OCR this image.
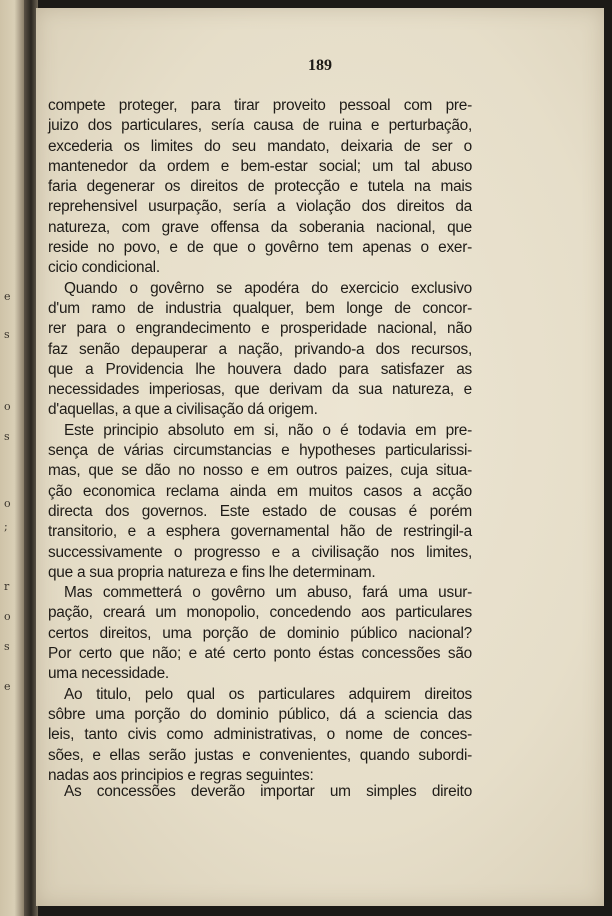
e
s
o
s
o
;
r
o
s
e
189

compete proteger, para tirar proveito pessoal com pre-

juizo dos particulares, sería causa de ruina e perturbação,

excederia os limites do seu mandato, deixaria de ser o

mantenedor da ordem e bem-estar social; um tal abuso

faria degenerar os direitos de protecção e tutela na mais

reprehensivel usurpação, sería a violação dos direitos da

natureza, com grave offensa da soberania nacional, que

reside no povo, e de que o govêrno tem apenas o exer-

cicio condicional.

Quando o govêrno se apodéra do exercicio exclusivo

d'um ramo de industria qualquer, bem longe de concor-

rer para o engrandecimento e prosperidade nacional, não

faz senão depauperar a nação, privando-a dos recursos,

que a Providencia lhe houvera dado para satisfazer as

necessidades imperiosas, que derivam da sua natureza, e

d'aquellas, a que a civilisação dá origem.

Este principio absoluto em si, não o é todavia em pre-

sença de várias circumstancias e hypotheses particularissi-

mas, que se dão no nosso e em outros paizes, cuja situa-

ção economica reclama ainda em muitos casos a acção

directa dos governos. Este estado de cousas é porém

transitorio, e a esphera governamental hão de restringil-a

successivamente o progresso e a civilisação nos limites,

que a sua propria natureza e fins lhe determinam.

Mas commetterá o govêrno um abuso, fará uma usur-

pação, creará um monopolio, concedendo aos particulares

certos direitos, uma porção de dominio público nacional?

Por certo que não; e até certo ponto éstas concessões são

uma necessidade.

Ao titulo, pelo qual os particulares adquirem direitos

sôbre uma porção do dominio público, dá a sciencia das

leis, tanto civis como administrativas, o nome de conces-

sões, e ellas serão justas e convenientes, quando subordi-

nadas aos principios e regras seguintes:

As concessões deverão importar um simples direito
